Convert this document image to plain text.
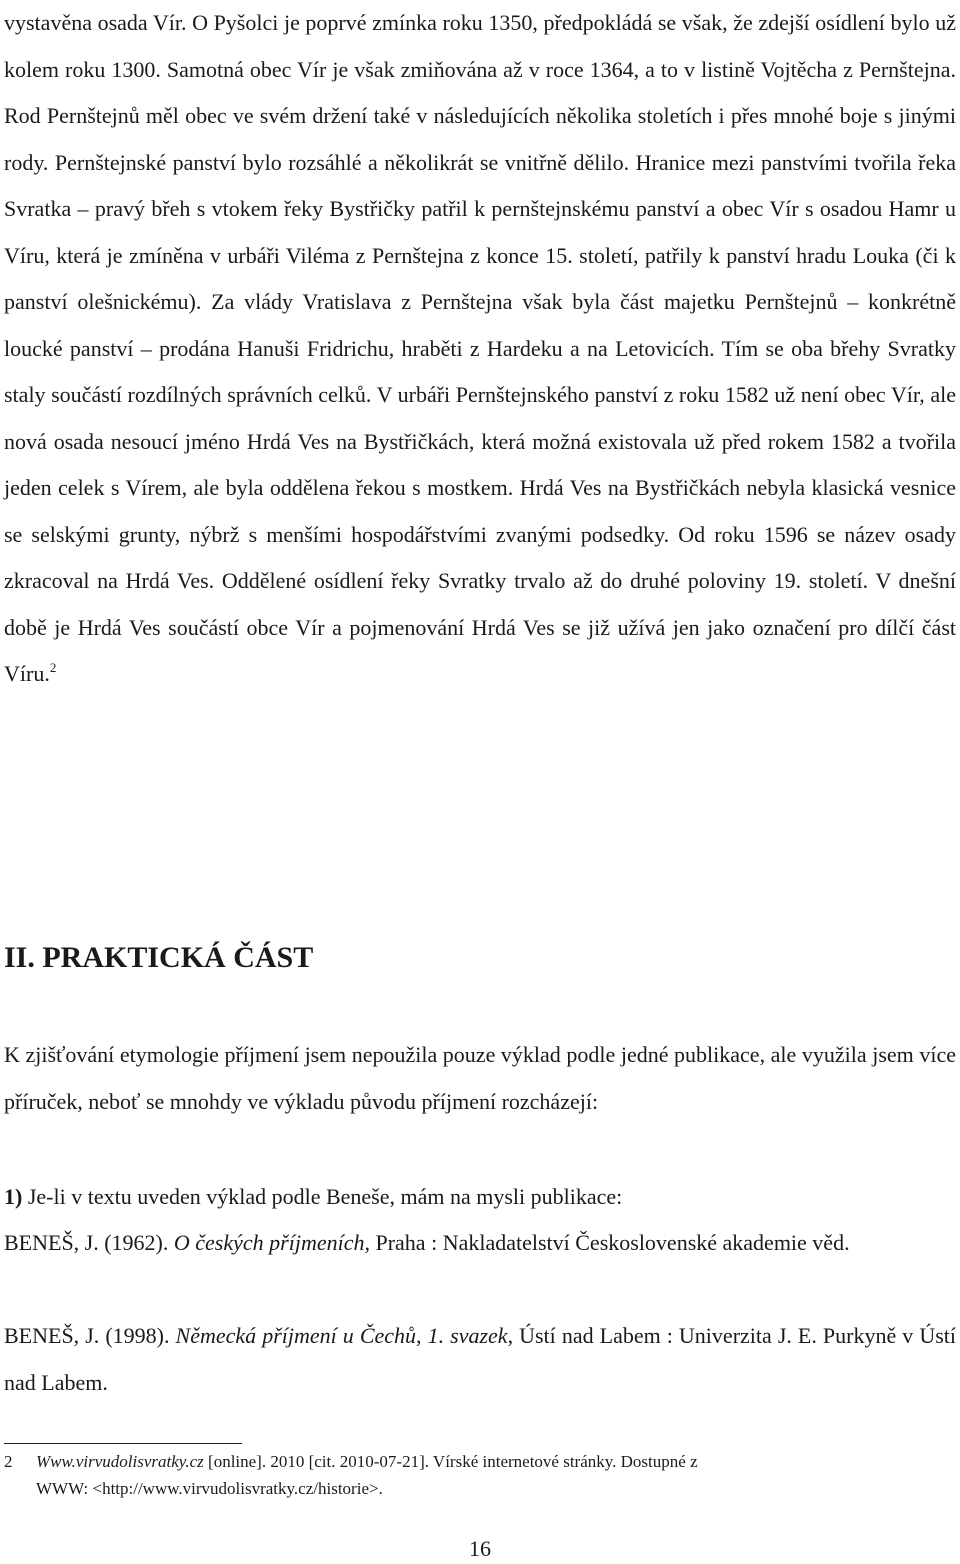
vystavěna osada Vír. O Pyšolci je poprvé zmínka roku 1350, předpokládá se však, že zdejší osídlení bylo už kolem roku 1300. Samotná obec Vír je však zmiňována až v roce 1364, a to v listině Vojtěcha z Pernštejna. Rod Pernštejnů měl obec ve svém držení také v následujících několika stoletích i přes mnohé boje s jinými rody. Pernštejnské panství bylo rozsáhlé a několikrát se vnitřně dělilo. Hranice mezi panstvími tvořila řeka Svratka – pravý břeh s vtokem řeky Bystřičky patřil k pernštejnskému panství a obec Vír s osadou Hamr u Víru, která je zmíněna v urbáři Viléma z Pernštejna z konce 15. století, patřily k panství hradu Louka (či k panství olešnickému). Za vlády Vratislava z Pernštejna však byla část majetku Pernštejnů – konkrétně loucké panství – prodána Hanuši Fridrichu, hraběti z Hardeku a na Letovicích. Tím se oba břehy Svratky staly součástí rozdílných správních celků. V urbáři Pernštejnského panství z roku 1582 už není obec Vír, ale nová osada nesoucí jméno Hrdá Ves na Bystřičkách, která možná existovala už před rokem 1582 a tvořila jeden celek s Vírem, ale byla oddělena řekou s mostkem. Hrdá Ves na Bystřičkách nebyla klasická vesnice se selskými grunty, nýbrž s menšími hospodářstvími zvanými podsedky. Od roku 1596 se název osady zkracoval na Hrdá Ves. Oddělené osídlení řeky Svratky trvalo až do druhé poloviny 19. století. V dnešní době je Hrdá Ves součástí obce Vír a pojmenování Hrdá Ves se již užívá jen jako označení pro dílčí část Víru.$^2$

II. PRAKTICKÁ ČÁST

K zjišťování etymologie příjmení jsem nepoužila pouze výklad podle jedné publikace, ale využila jsem více příruček, neboť se mnohdy ve výkladu původu příjmení rozcházejí:

1) Je-li v textu uveden výklad podle Beneše, mám na mysli publikace:

BENEŠ, J. (1962). O českých příjmeních, Praha : Nakladatelství Československé akademie věd.

BENEŠ, J. (1998). Německá příjmení u Čechů, 1. svazek, Ústí nad Labem : Univerzita J. E. Purkyně v Ústí nad Labem.

2 Www.virvudolisvratky.cz [online]. 2010 [cit. 2010-07-21]. Vírské internetové stránky. Dostupné z
WWW: <http://www.virvudolisvratky.cz/historie>.

16
